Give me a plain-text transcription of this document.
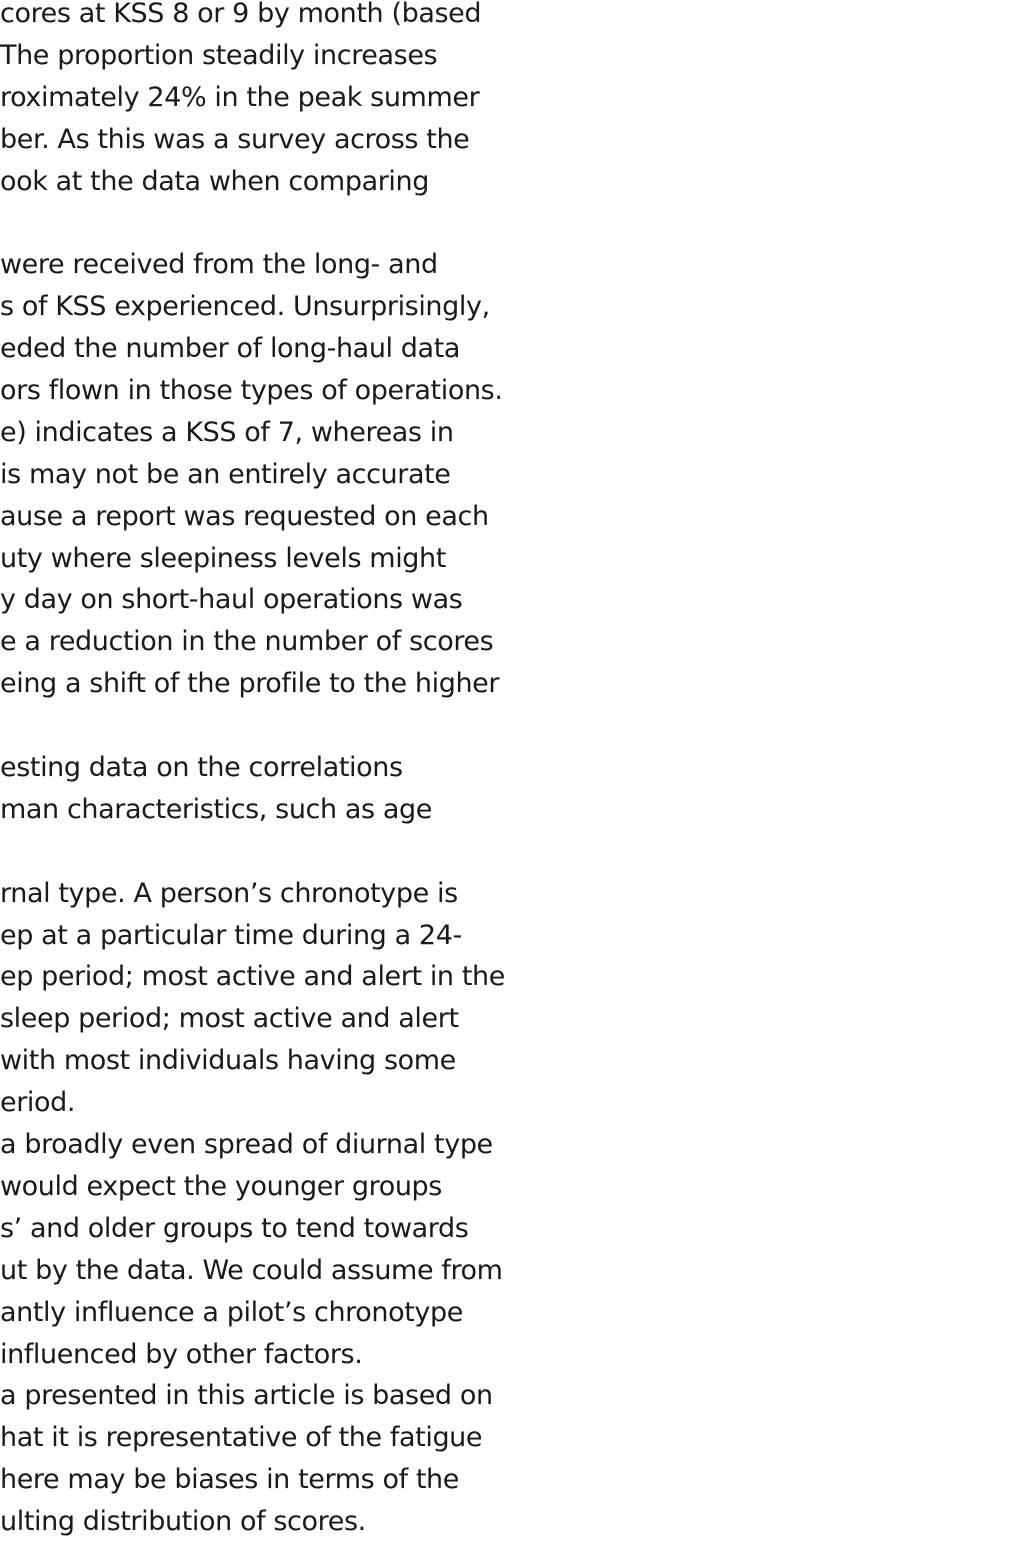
cores at KSS 8 or 9 by month (based
The proportion steadily increases
roximately 24% in the peak summer
ber. As this was a survey across the
ook at the data when comparing
were received from the long- and
s of KSS experienced. Unsurprisingly,
eded the number of long-haul data
ors flown in those types of operations.
e) indicates a KSS of 7, whereas in
is may not be an entirely accurate
ause a report was requested on each
uty where sleepiness levels might
y day on short-haul operations was
e a reduction in the number of scores
eing a shift of the profile to the higher
esting data on the correlations
man characteristics, such as age
rnal type. A person’s chronotype is
ep at a particular time during a 24-
ep period; most active and alert in the
sleep period; most active and alert
with most individuals having some
eriod.
a broadly even spread of diurnal type
would expect the younger groups
s’ and older groups to tend towards
ut by the data. We could assume from
antly influence a pilot’s chronotype
influenced by other factors.
a presented in this article is based on
hat it is representative of the fatigue
here may be biases in terms of the
ulting distribution of scores.
